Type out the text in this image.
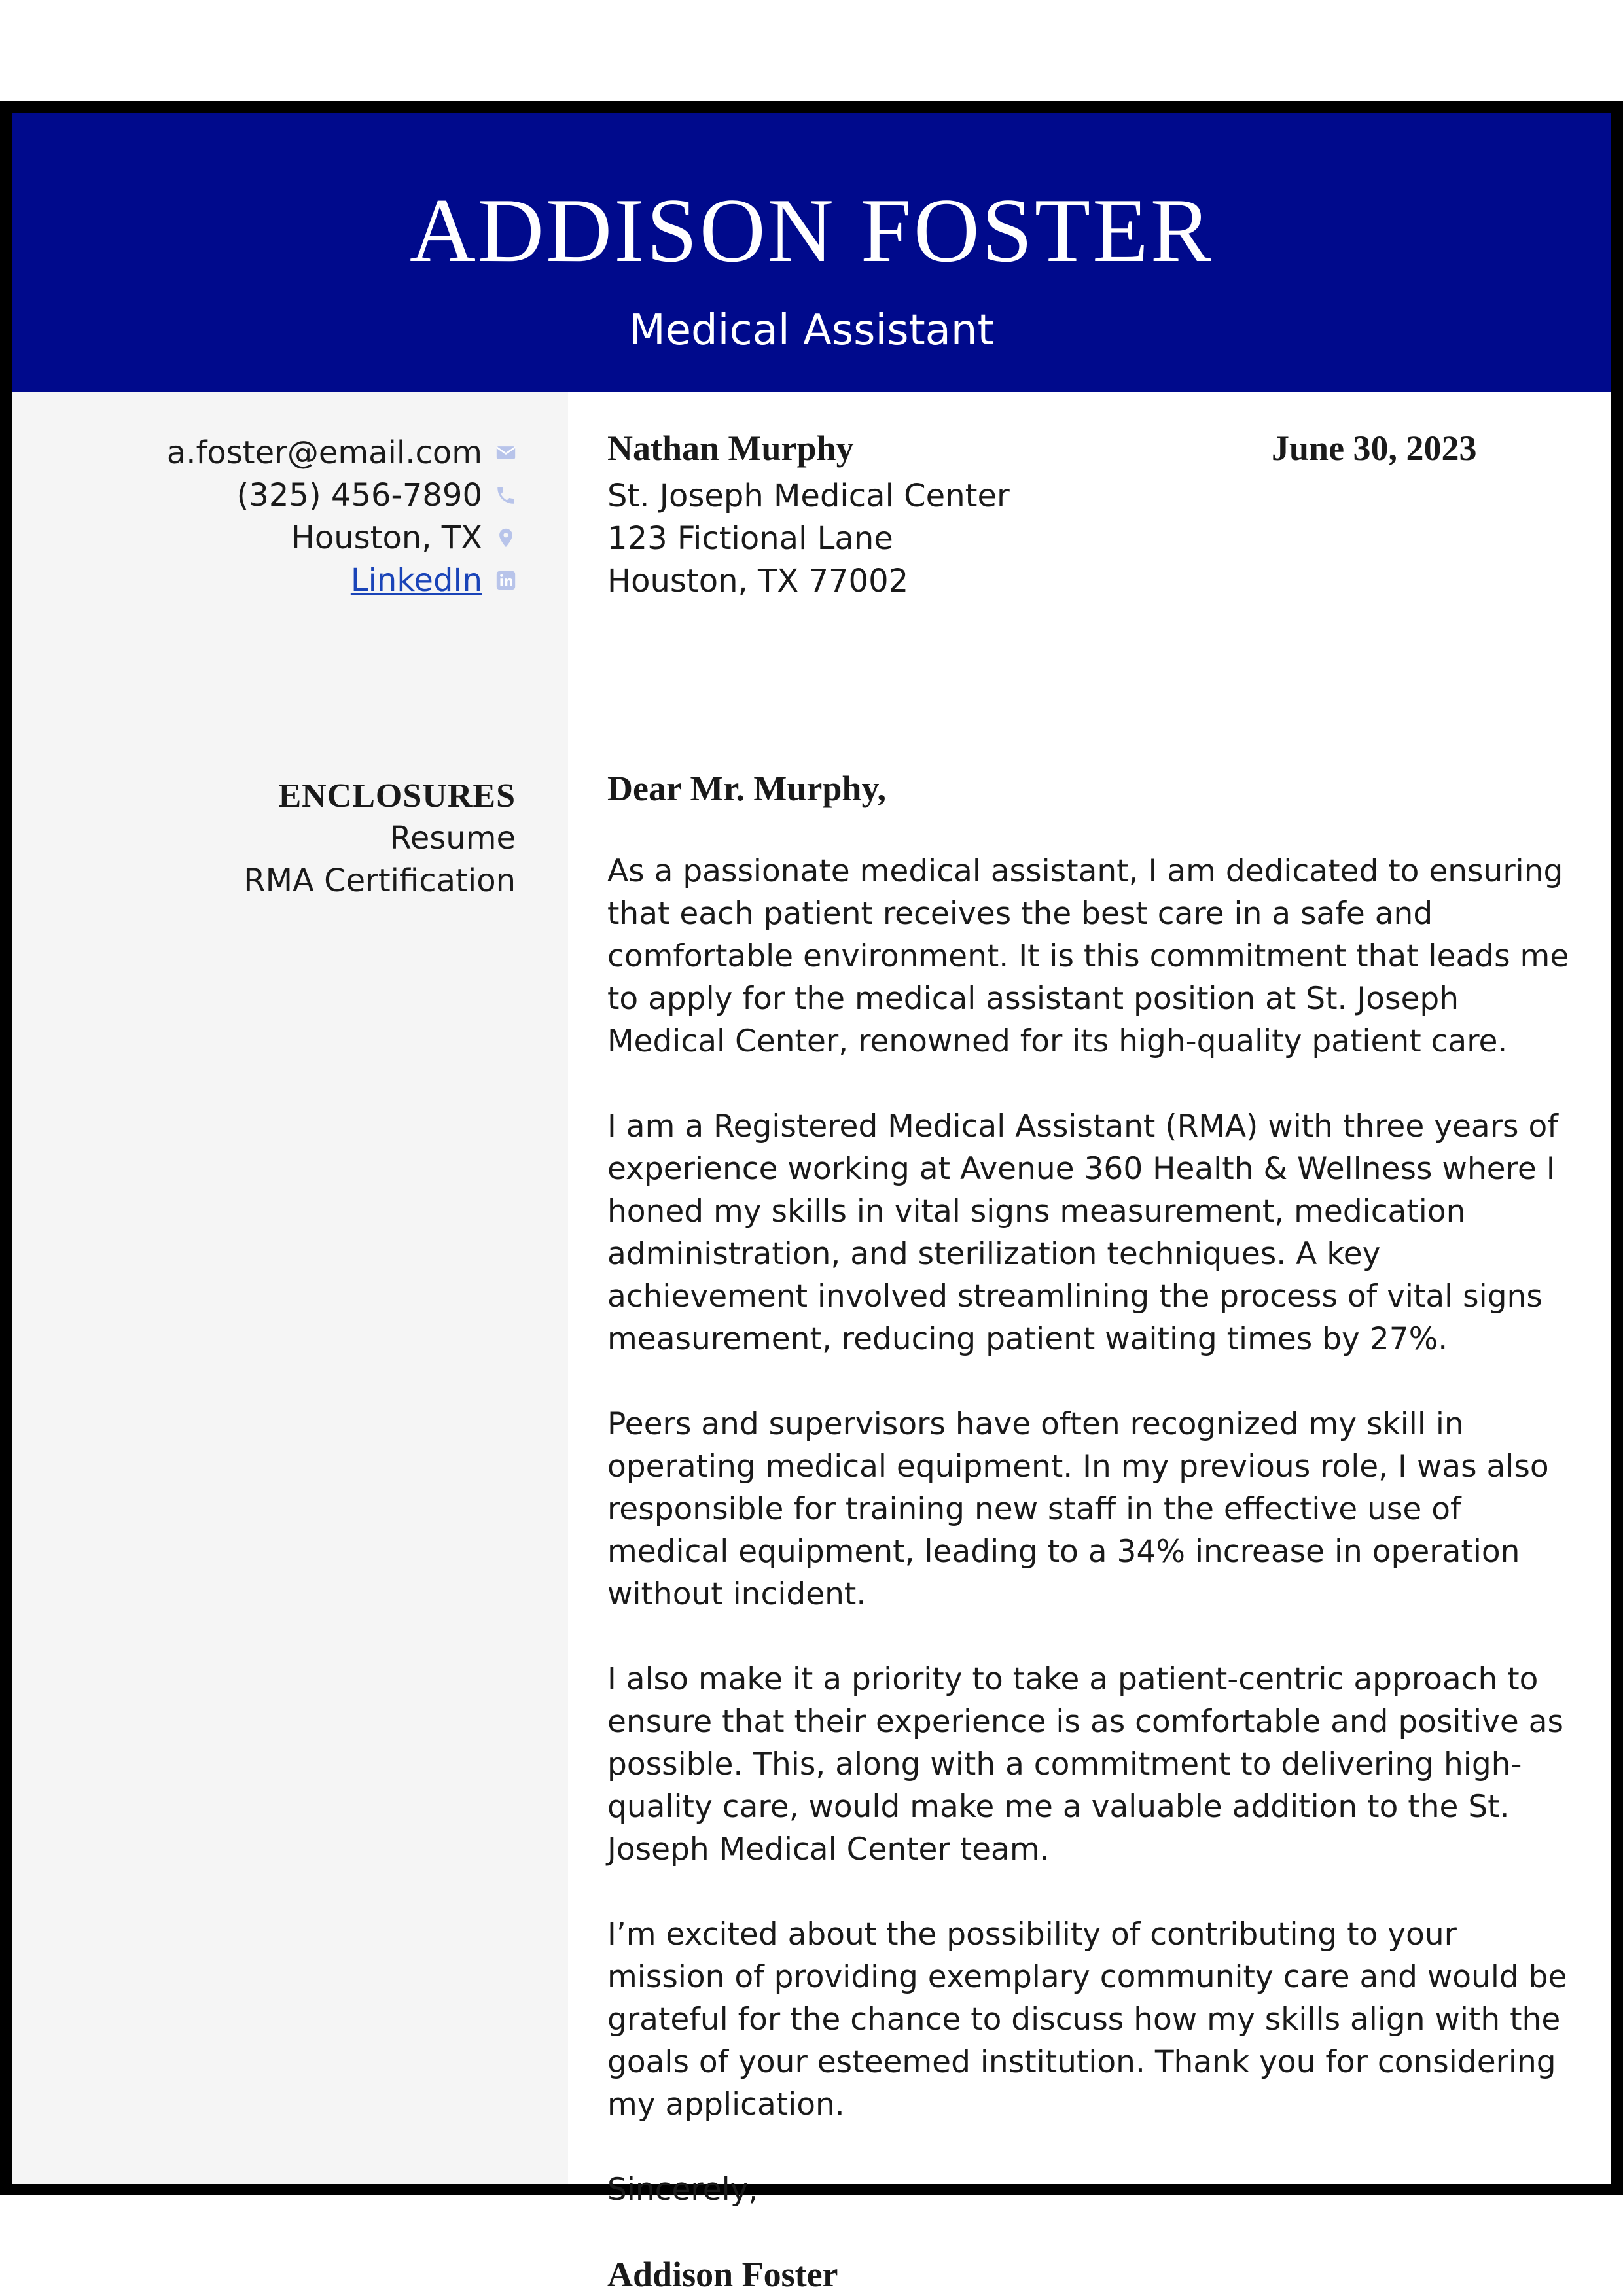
ADDISON FOSTER
Medical Assistant
a.foster@email.com
(325) 456-7890
Houston, TX
LinkedIn
ENCLOSURES
Resume
RMA Certification
Nathan Murphy	June 30, 2023
St. Joseph Medical Center
123 Fictional Lane
Houston, TX 77002
Dear Mr. Murphy,

As a passionate medical assistant, I am dedicated to ensuring that each patient receives the best care in a safe and comfortable environment. It is this commitment that leads me to apply for the medical assistant position at St. Joseph Medical Center, renowned for its high-quality patient care.

I am a Registered Medical Assistant (RMA) with three years of experience working at Avenue 360 Health & Wellness where I honed my skills in vital signs measurement, medication administration, and sterilization techniques. A key achievement involved streamlining the process of vital signs measurement, reducing patient waiting times by 27%.

Peers and supervisors have often recognized my skill in operating medical equipment. In my previous role, I was also responsible for training new staff in the effective use of medical equipment, leading to a 34% increase in operation without incident.

I also make it a priority to take a patient-centric approach to ensure that their experience is as comfortable and positive as possible. This, along with a commitment to delivering high-quality care, would make me a valuable addition to the St. Joseph Medical Center team.

I’m excited about the possibility of contributing to your mission of providing exemplary community care and would be grateful for the chance to discuss how my skills align with the goals of your esteemed institution. Thank you for considering my application.

Sincerely,

Addison Foster
